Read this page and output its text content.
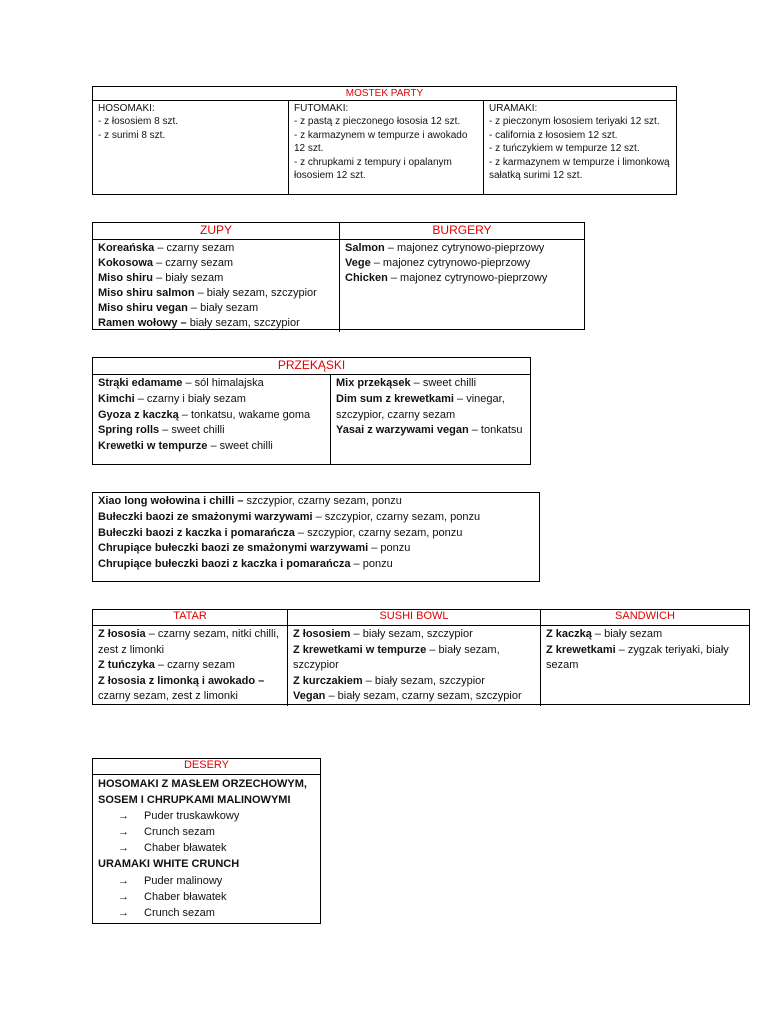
MOSTEK PARTY
HOSOMAKI:
- z łososiem 8 szt.
- z surimi 8 szt.
FUTOMAKI:
- z pastą z pieczonego łososia 12 szt.
- z karmazynem w tempurze i awokado 12 szt.
- z chrupkami z tempury i opalanym łososiem 12 szt.
URAMAKI:
- z pieczonym łososiem teriyaki 12 szt.
- california z łososiem 12 szt.
- z tuńczykiem w tempurze 12 szt.
- z karmazynem w tempurze i limonkową sałatką surimi 12 szt.
ZUPY
Koreańska – czarny sezam
Kokosowa – czarny sezam
Miso shiru – biały sezam
Miso shiru salmon – biały sezam, szczypior
Miso shiru vegan – biały sezam
Ramen wołowy – biały sezam, szczypior
BURGERY
Salmon – majonez cytrynowo-pieprzowy
Vege – majonez cytrynowo-pieprzowy
Chicken – majonez cytrynowo-pieprzowy
PRZEKĄSKI
Strąki edamame – sól himalajska
Kimchi – czarny i biały sezam
Gyoza z kaczką – tonkatsu, wakame goma
Spring rolls – sweet chilli
Krewetki w tempurze – sweet chilli
Mix przekąsek – sweet chilli
Dim sum z krewetkami – vinegar, szczypior, czarny sezam
Yasai z warzywami vegan – tonkatsu
Xiao long wołowina i chilli – szczypior, czarny sezam, ponzu
Bułeczki baozi ze smażonymi warzywami – szczypior, czarny sezam, ponzu
Bułeczki baozi z kaczka i pomarańcza – szczypior, czarny sezam, ponzu
Chrupiące bułeczki baozi ze smażonymi warzywami – ponzu
Chrupiące bułeczki baozi z kaczka i pomarańcza – ponzu
TATAR
Z łososia – czarny sezam, nitki chilli, zest z limonki
Z tuńczyka – czarny sezam
Z łososia z limonką i awokado – czarny sezam, zest z limonki
SUSHI BOWL
Z łososiem – biały sezam, szczypior
Z krewetkami w tempurze – biały sezam, szczypior
Z kurczakiem – biały sezam, szczypior
Vegan – biały sezam, czarny sezam, szczypior
SANDWICH
Z kaczką – biały sezam
Z krewetkami – zygzak teriyaki, biały sezam
DESERY
HOSOMAKI Z MASŁEM ORZECHOWYM, SOSEM I CHRUPKAMI MALINOWYMI
→ Puder truskawkowy
→ Crunch sezam
→ Chaber bławatek
URAMAKI WHITE CRUNCH
→ Puder malinowy
→ Chaber bławatek
→ Crunch sezam
